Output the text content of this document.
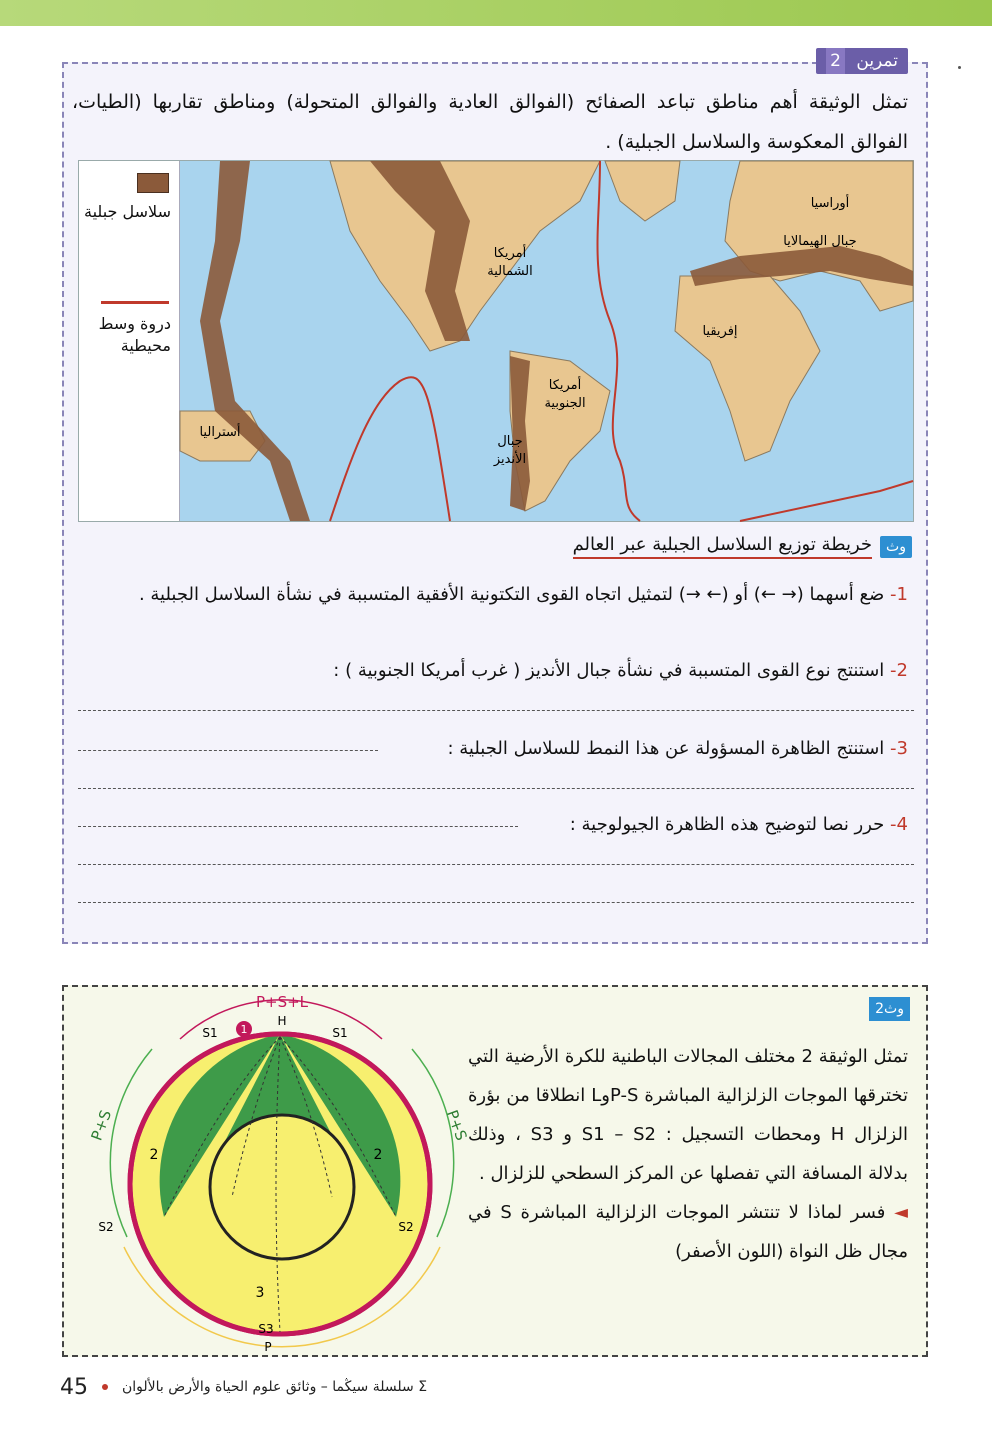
تمرين 2

تمثل الوثيقة أهم مناطق تباعد الصفائح (الفوالق العادية والفوالق المتحولة) ومناطق تقاربها (الطيات، الفوالق المعكوسة والسلاسل الجبلية) .

سلاسل جبلية
دروة وسط محيطية
أوراسيا
جبال الهيمالايا
أمريكا
الشمالية
إفريقيا
أمريكا
الجنوبية
جبال
الأنديز
أستراليا
وث
خريطة توزيع السلاسل الجبلية عبر العالم

1- ضع أسهما (→ ←) أو (← →) لتمثيل اتجاه القوى التكتونية الأفقية المتسببة في نشأة السلاسل الجبلية .

2- استنتج نوع القوى المتسببة في نشأة جبال الأنديز ( غرب أمريكا الجنوبية ) :

3- استنتج الظاهرة المسؤولة عن هذا النمط للسلاسل الجبلية :

4- حرر نصا لتوضيح هذه الظاهرة الجيولوجية :

وث2

تمثل الوثيقة 2 مختلف المجالات الباطنية للكرة الأرضية التي تخترقها الموجات الزلزالية المباشرة P-SوL انطلاقا من بؤرة الزلزال H ومحطات التسجيل : S1 – S2 و S3 ، وذلك بدلالة المسافة التي تفصلها عن المركز السطحي للزلزال .
◄ فسر لماذا لا تنتشر الموجات الزلزالية المباشرة S في مجال ظل النواة (اللون الأصفر)

P+S+L
H
1
S1	S1
P+S	P+S
2	2
S2	S2
3
S3
P
45 Σ سلسلة سيڭما – وثائق علوم الحياة والأرض بالألوان
